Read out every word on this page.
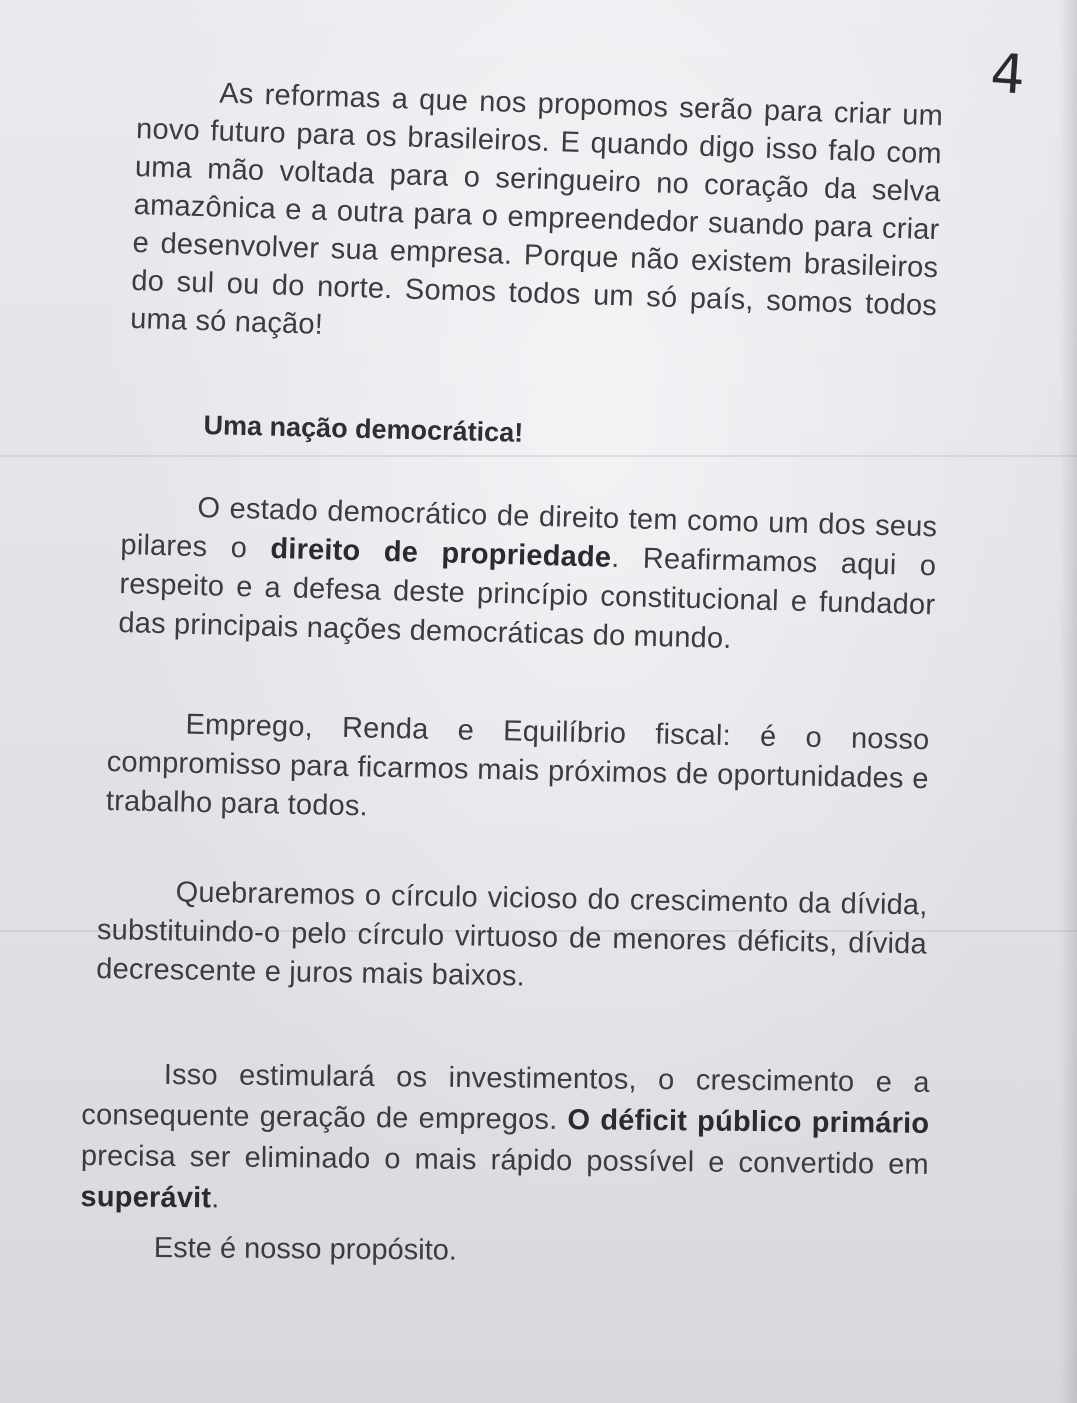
4
As reformas a que nos propomos serão para criar um novo futuro para os brasileiros. E quando digo isso falo com uma mão voltada para o seringueiro no coração da selva amazônica e a outra para o empreendedor suando para criar e desenvolver sua empresa. Porque não existem brasileiros do sul ou do norte. Somos todos um só país, somos todos uma só nação!
Uma nação democrática!
O estado democrático de direito tem como um dos seus pilares o direito de propriedade. Reafirmamos aqui o respeito e a defesa deste princípio constitucional e fundador das principais nações democráticas do mundo.
Emprego, Renda e Equilíbrio fiscal: é o nosso compromisso para ficarmos mais próximos de oportunidades e trabalho para todos.
Quebraremos o círculo vicioso do crescimento da dívida, substituindo-o pelo círculo virtuoso de menores déficits, dívida decrescente e juros mais baixos.
Isso estimulará os investimentos, o crescimento e a consequente geração de empregos. O déficit público primário precisa ser eliminado o mais rápido possível e convertido em superávit.
Este é nosso propósito.
